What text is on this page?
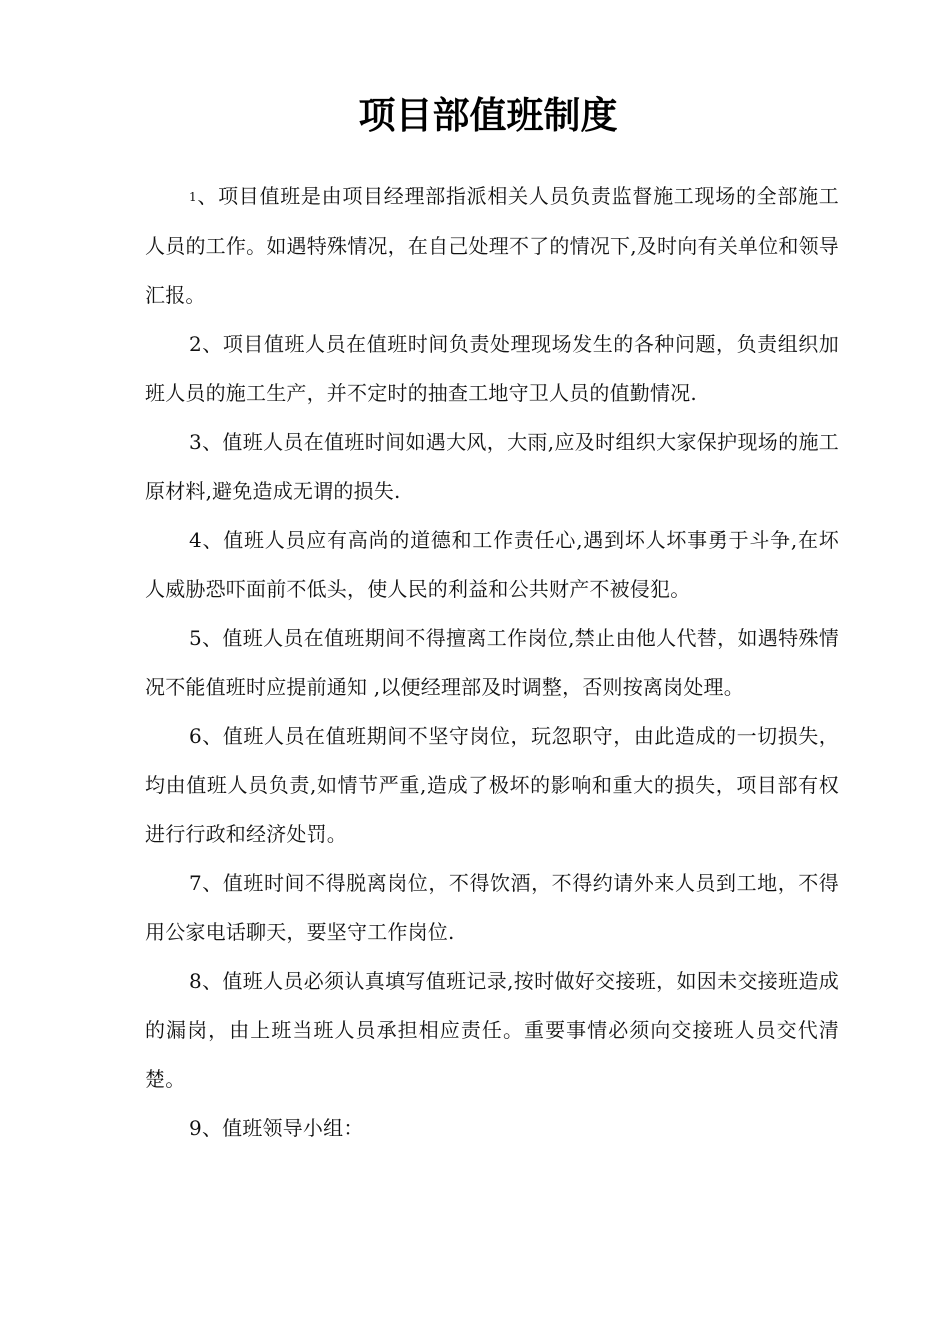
项目部值班制度

1、项目值班是由项目经理部指派相关人员负责监督施工现场的全部施工人员的工作。如遇特殊情况，在自己处理不了的情况下,及时向有关单位和领导汇报。

2、项目值班人员在值班时间负责处理现场发生的各种问题，负责组织加班人员的施工生产，并不定时的抽查工地守卫人员的值勤情况.

3、值班人员在值班时间如遇大风，大雨,应及时组织大家保护现场的施工原材料,避免造成无谓的损失.

4、值班人员应有高尚的道德和工作责任心,遇到坏人坏事勇于斗争,在坏人威胁恐吓面前不低头，使人民的利益和公共财产不被侵犯。

5、值班人员在值班期间不得擅离工作岗位,禁止由他人代替，如遇特殊情况不能值班时应提前通知 ,以便经理部及时调整，否则按离岗处理。

6、值班人员在值班期间不坚守岗位，玩忽职守，由此造成的一切损失，均由值班人员负责,如情节严重,造成了极坏的影响和重大的损失，项目部有权进行行政和经济处罚。

7、值班时间不得脱离岗位，不得饮酒，不得约请外来人员到工地，不得用公家电话聊天，要坚守工作岗位.

8、值班人员必须认真填写值班记录,按时做好交接班，如因未交接班造成的漏岗，由上班当班人员承担相应责任。重要事情必须向交接班人员交代清楚。

9、值班领导小组：
